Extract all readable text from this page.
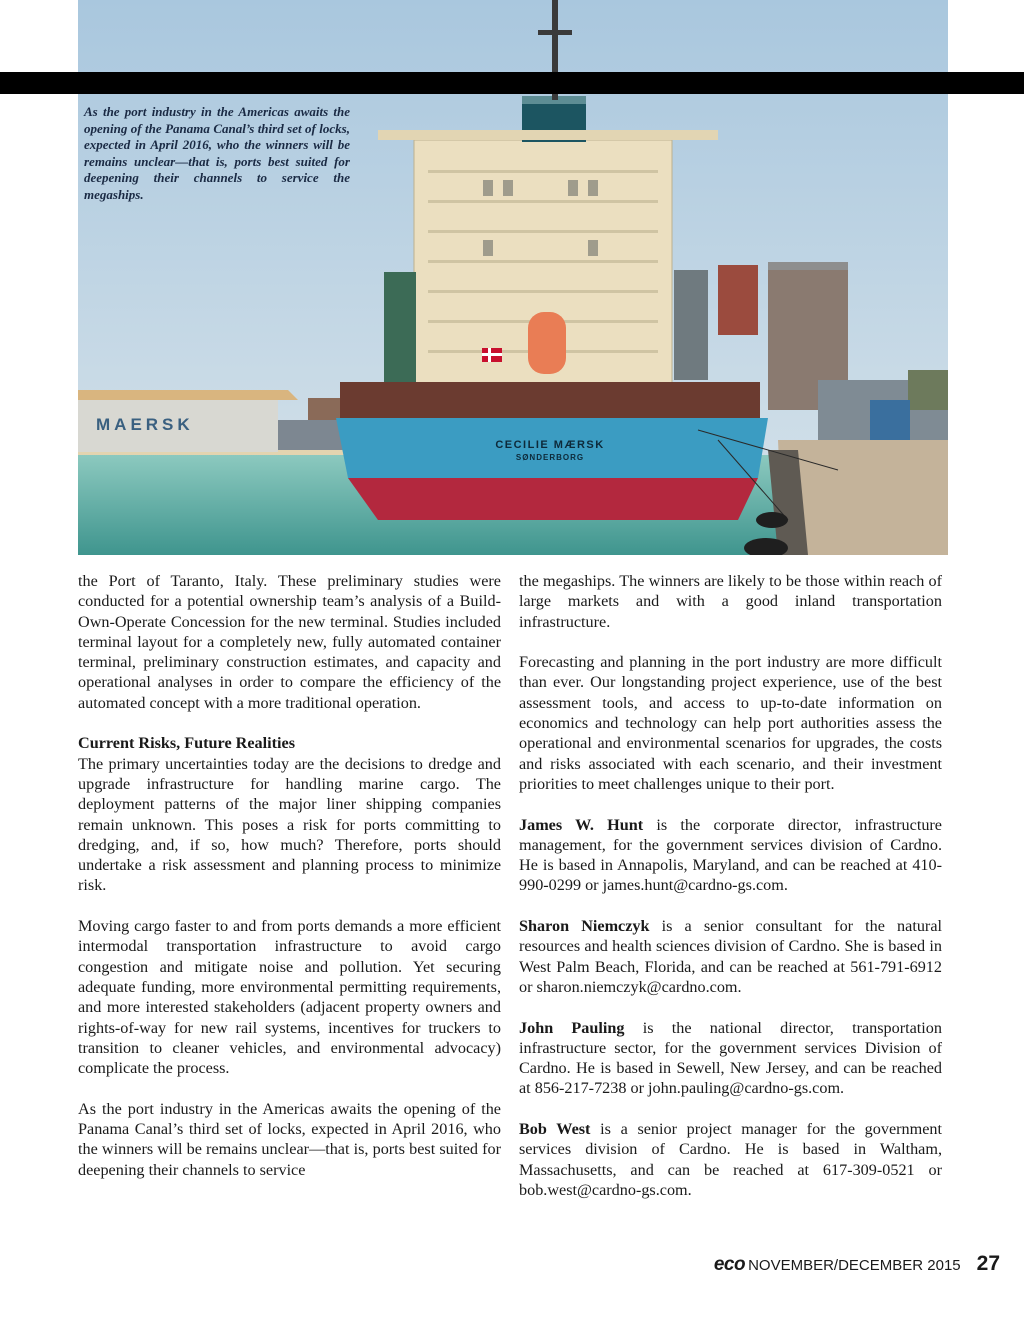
MAERSK
CECILIE MÆRSK
SØNDERBORG
As the port industry in the Americas awaits the opening of the Panama Canal’s third set of locks, expected in April 2016, who the winners will be remains unclear—that is, ports best suited for deepening their channels to service the megaships.

the Port of Taranto, Italy. These preliminary studies were conducted for a potential ownership team’s analysis of a Build-Own-Operate Concession for the new terminal. Studies included terminal layout for a completely new, fully automated container terminal, preliminary construction estimates, and capacity and operational analyses in order to compare the efficiency of the automated concept with a more traditional operation.

Current Risks, Future Realities
The primary uncertainties today are the decisions to dredge and upgrade infrastructure for handling marine cargo. The deployment patterns of the major liner shipping companies remain unknown. This poses a risk for ports committing to dredging, and, if so, how much? Therefore, ports should undertake a risk assessment and planning process to minimize risk.

Moving cargo faster to and from ports demands a more efficient intermodal transportation infrastructure to avoid cargo congestion and mitigate noise and pollution. Yet securing adequate funding, more environmental permitting requirements, and more interested stakeholders (adjacent property owners and rights-of-way for new rail systems, incentives for truckers to transition to cleaner vehicles, and environmental advocacy) complicate the process.

As the port industry in the Americas awaits the opening of the Panama Canal’s third set of locks, expected in April 2016, who the winners will be remains unclear—that is, ports best suited for deepening their channels to service

the megaships. The winners are likely to be those within reach of large markets and with a good inland transportation infrastructure.

Forecasting and planning in the port industry are more difficult than ever. Our longstanding project experience, use of the best assessment tools, and access to up-to-date information on economics and technology can help port authorities assess the operational and environmental scenarios for upgrades, the costs and risks associated with each scenario, and their investment priorities to meet challenges unique to their port.

James W. Hunt is the corporate director, infrastructure management, for the government services division of Cardno. He is based in Annapolis, Maryland, and can be reached at 410-990-0299 or james.hunt@cardno-gs.com.

Sharon Niemczyk is a senior consultant for the natural resources and health sciences division of Cardno. She is based in West Palm Beach, Florida, and can be reached at 561-791-6912 or sharon.niemczyk@cardno.com.

John Pauling is the national director, transportation infrastructure sector, for the government services Division of Cardno. He is based in Sewell, New Jersey, and can be reached at 856-217-7238 or john.pauling@cardno-gs.com.

Bob West is a senior project manager for the government services division of Cardno. He is based in Waltham, Massachusetts, and can be reached at 617-309-0521 or bob.west@cardno-gs.com.

eco NOVEMBER/DECEMBER 2015 27
